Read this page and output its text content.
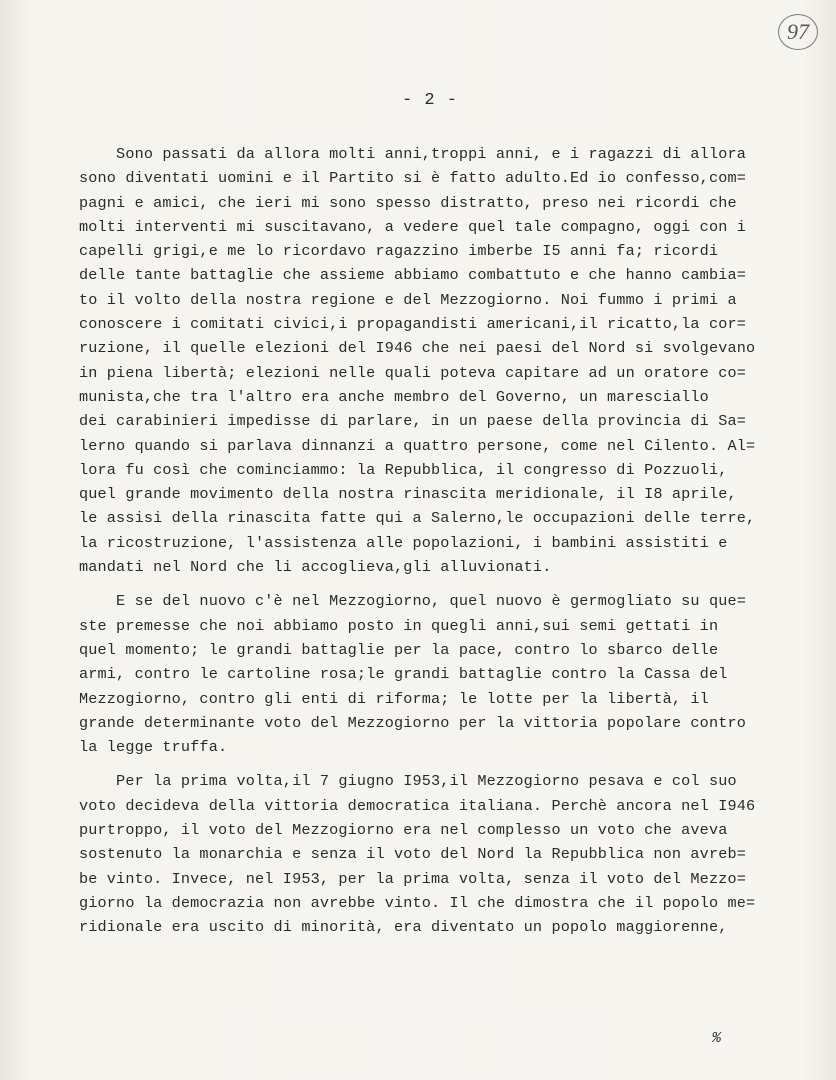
97
- 2 -
Sono passati da allora molti anni,troppi anni, e i ragazzi di allora
sono diventati uomini e il Partito si è fatto adulto.Ed io confesso,com=
pagni e amici, che ieri mi sono spesso distratto, preso nei ricordi che
molti interventi mi suscitavano, a vedere quel tale compagno, oggi con i
capelli grigi,e me lo ricordavo ragazzino imberbe I5 anni fa; ricordi
delle tante battaglie che assieme abbiamo combattuto e che hanno cambia=
to il volto della nostra regione e del Mezzogiorno. Noi fummo i primi a
conoscere i comitati civici,i propagandisti americani,il ricatto,la cor=
ruzione, il quelle elezioni del I946 che nei paesi del Nord si svolgevano
in piena libertà; elezioni nelle quali poteva capitare ad un oratore co=
munista,che tra l'altro era anche membro del Governo, un maresciallo
dei carabinieri impedisse di parlare, in un paese della provincia di Sa=
lerno quando si parlava dinnanzi a quattro persone, come nel Cilento. Al=
lora fu così che cominciammo: la Repubblica, il congresso di Pozzuoli,
quel grande movimento della nostra rinascita meridionale, il I8 aprile,
le assisi della rinascita fatte qui a Salerno,le occupazioni delle terre,
la ricostruzione, l'assistenza alle popolazioni, i bambini assistiti e
mandati nel Nord che li accoglieva,gli alluvionati.
E se del nuovo c'è nel Mezzogiorno, quel nuovo è germogliato su que=
ste premesse che noi abbiamo posto in quegli anni,sui semi gettati in
quel momento; le grandi battaglie per la pace, contro lo sbarco delle
armi, contro le cartoline rosa;le grandi battaglie contro la Cassa del
Mezzogiorno, contro gli enti di riforma; le lotte per la libertà, il
grande determinante voto del Mezzogiorno per la vittoria popolare contro
la legge truffa.
Per la prima volta,il 7 giugno I953,il Mezzogiorno pesava e col suo
voto decideva della vittoria democratica italiana. Perchè ancora nel I946
purtroppo, il voto del Mezzogiorno era nel complesso un voto che aveva
sostenuto la monarchia e senza il voto del Nord la Repubblica non avreb=
be vinto. Invece, nel I953, per la prima volta, senza il voto del Mezzo=
giorno la democrazia non avrebbe vinto. Il che dimostra che il popolo me=
ridionale era uscito di minorità, era diventato un popolo maggiorenne,
%
